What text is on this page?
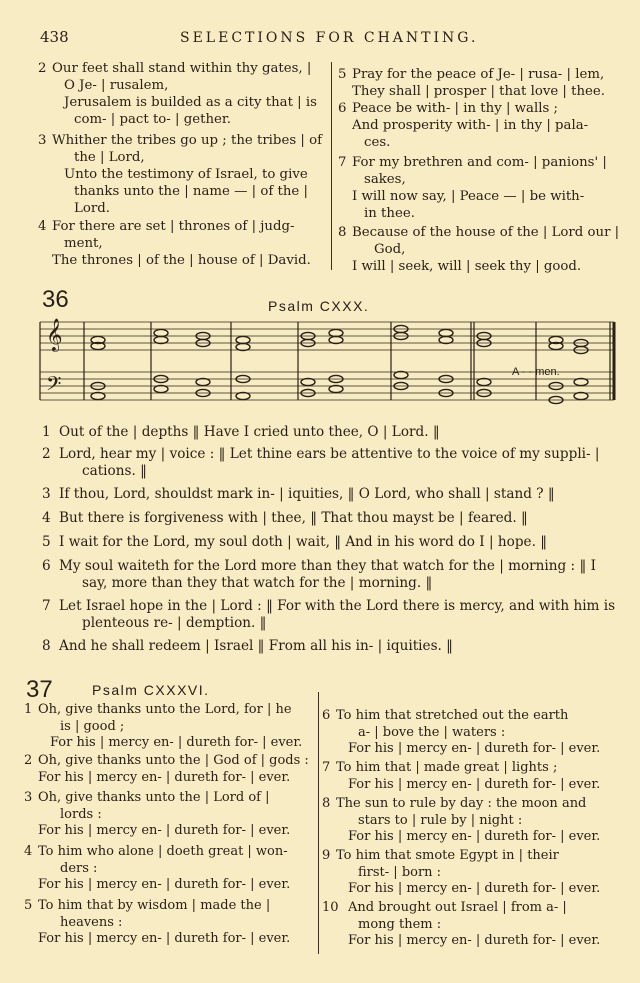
438	SELECTIONS FOR CHANTING.
2 Our feet shall stand within thy gates, |
O Je- | rusalem,
Jerusalem is builded as a city that | is
com- | pact to- | gether.
3 Whither the tribes go up ; the tribes | of
the | Lord,
Unto the testimony of Israel, to give
thanks unto the | name — | of the |
Lord.
4 For there are set | thrones of | judg-
ment,
The thrones | of the | house of | David.
5 Pray for the peace of Je- | rusa- | lem,
They shall | prosper | that love | thee.
6 Peace be with- | in thy | walls ;
And prosperity with- | in thy | pala-
ces.
7 For my brethren and com- | panions' |
sakes,
I will now say, | Peace — | be with-
in thee.
8 Because of the house of the | Lord our |
God,
I will | seek, will | seek thy | good.
36	Psalm CXXX.
𝄞
𝄢	A - - men.
1 Out of the | depths ‖ Have I cried unto thee, O | Lord. ‖
2 Lord, hear my | voice : ‖ Let thine ears be attentive to the voice of my suppli- |
cations. ‖
3 If thou, Lord, shouldst mark in- | iquities, ‖ O Lord, who shall | stand ? ‖
4 But there is forgiveness with | thee, ‖ That thou mayst be | feared. ‖
5 I wait for the Lord, my soul doth | wait, ‖ And in his word do I | hope. ‖
6 My soul waiteth for the Lord more than they that watch for the | morning : ‖ I
say, more than they that watch for the | morning. ‖
7 Let Israel hope in the | Lord : ‖ For with the Lord there is mercy, and with him is
plenteous re- | demption. ‖
8 And he shall redeem | Israel ‖ From all his in- | iquities. ‖
37	Psalm CXXXVI.
1 Oh, give thanks unto the Lord, for | he
is | good ;
For his | mercy en- | dureth for- | ever.
2 Oh, give thanks unto the | God of | gods :
For his | mercy en- | dureth for- | ever.
3 Oh, give thanks unto the | Lord of |
lords :
For his | mercy en- | dureth for- | ever.
4 To him who alone | doeth great | won-
ders :
For his | mercy en- | dureth for- | ever.
5 To him that by wisdom | made the |
heavens :
For his | mercy en- | dureth for- | ever.
6 To him that stretched out the earth
a- | bove the | waters :
For his | mercy en- | dureth for- | ever.
7 To him that | made great | lights ;
For his | mercy en- | dureth for- | ever.
8 The sun to rule by day : the moon and
stars to | rule by | night :
For his | mercy en- | dureth for- | ever.
9 To him that smote Egypt in | their
first- | born :
For his | mercy en- | dureth for- | ever.
10 And brought out Israel | from a- |
mong them :
For his | mercy en- | dureth for- | ever.
